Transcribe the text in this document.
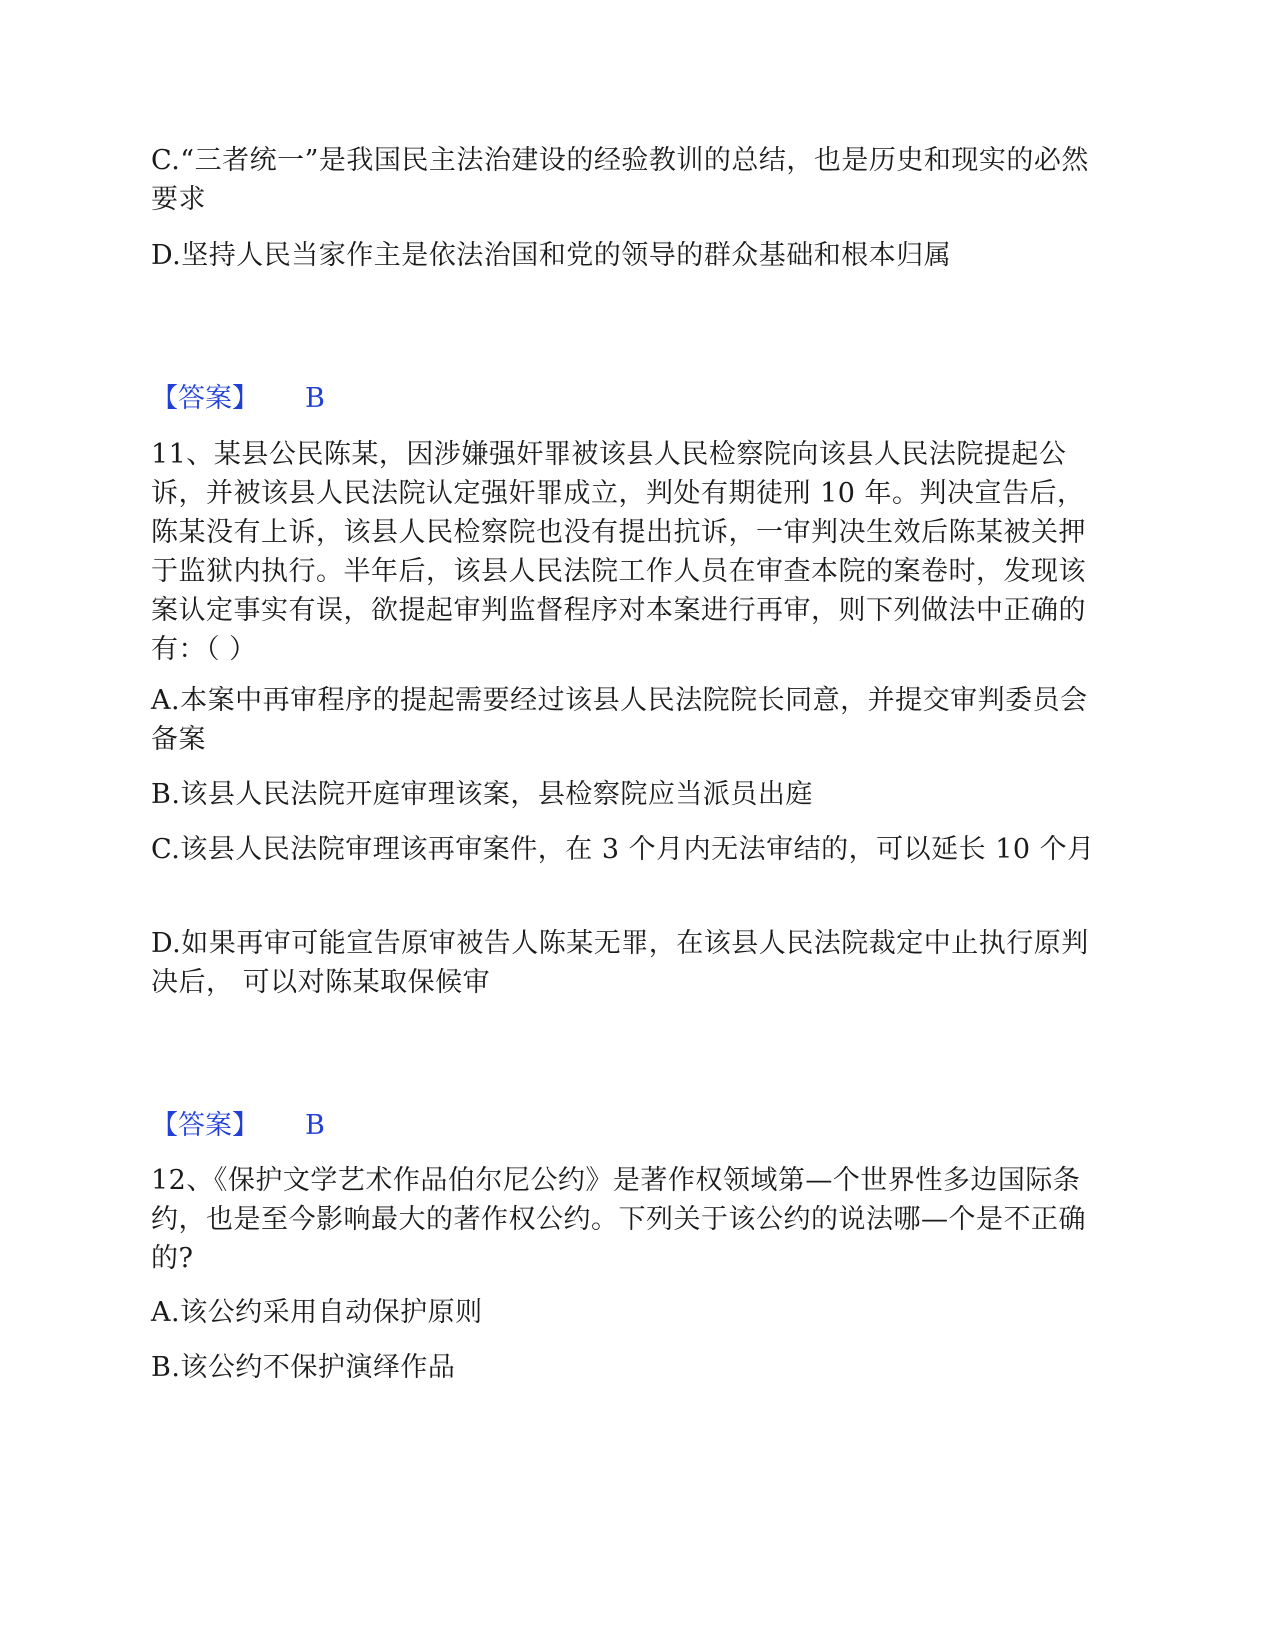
C.“三者统一”是我国民主法治建设的经验教训的总结，也是历史和现实的必然要求
D.坚持人民当家作主是依法治国和党的领导的群众基础和根本归属
【答案】 B
11、某县公民陈某，因涉嫌强奸罪被该县人民检察院向该县人民法院提起公诉，并被该县人民法院认定强奸罪成立，判处有期徒刑 10 年。判决宣告后，陈某没有上诉，该县人民检察院也没有提出抗诉，一审判决生效后陈某被关押于监狱内执行。半年后，该县人民法院工作人员在审查本院的案卷时，发现该案认定事实有误，欲提起审判监督程序对本案进行再审，则下列做法中正确的有：（ ）
A.本案中再审程序的提起需要经过该县人民法院院长同意，并提交审判委员会备案
B.该县人民法院开庭审理该案，县检察院应当派员出庭
C.该县人民法院审理该再审案件，在 3 个月内无法审结的，可以延长 10 个月
D.如果再审可能宣告原审被告人陈某无罪，在该县人民法院裁定中止执行原判决后， 可以对陈某取保候审
【答案】 B
12、《保护文学艺术作品伯尔尼公约》是著作权领域第—个世界性多边国际条约，也是至今影响最大的著作权公约。下列关于该公约的说法哪—个是不正确的?
A.该公约采用自动保护原则
B.该公约不保护演绎作品
